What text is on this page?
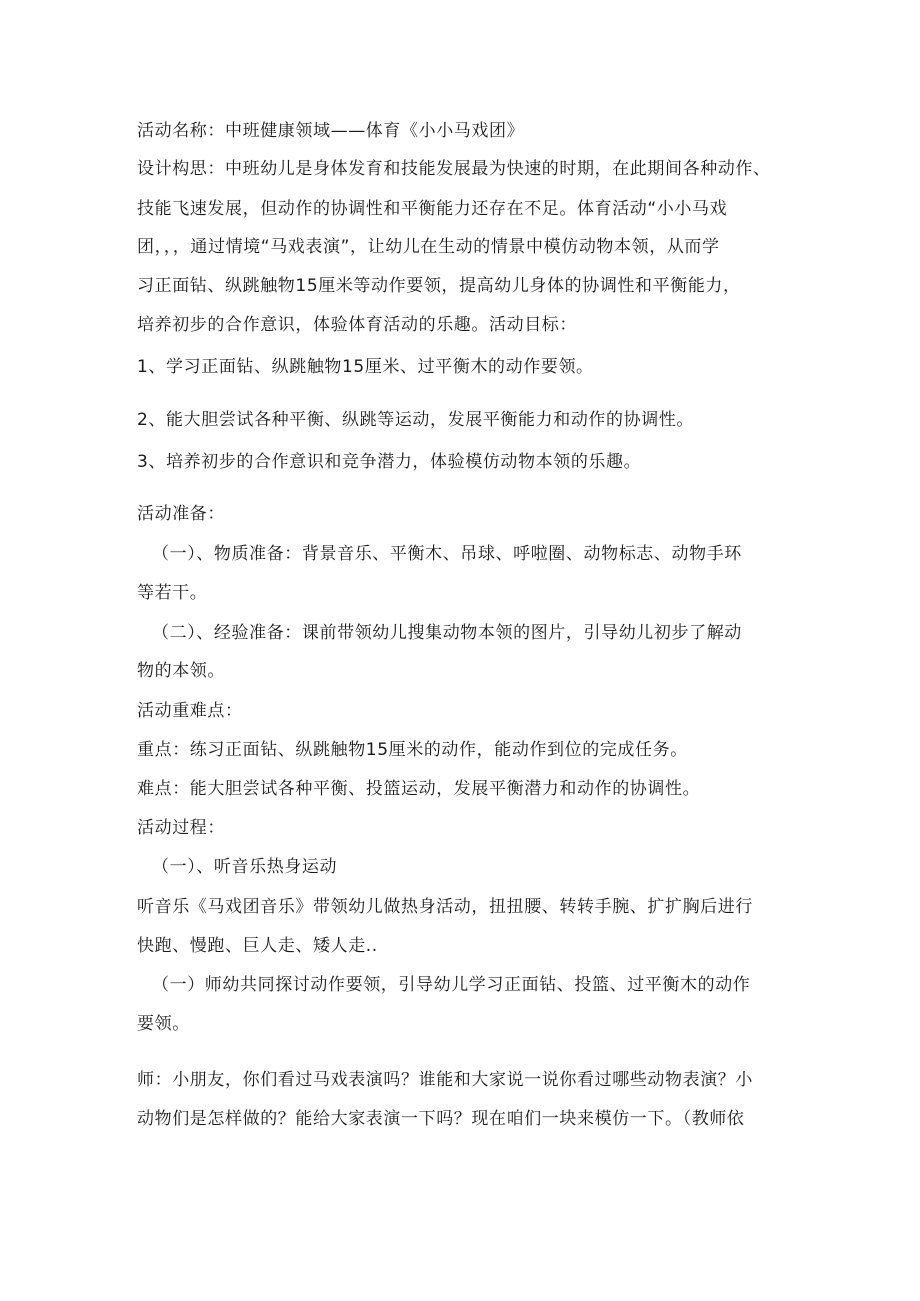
活动名称：中班健康领域——体育《小小马戏团》
设计构思：中班幼儿是身体发育和技能发展最为快速的时期，在此期间各种动作、
技能飞速发展，但动作的协调性和平衡能力还存在不足。体育活动“小小马戏
团，，，通过情境“马戏表演”，让幼儿在生动的情景中模仿动物本领，从而学
习正面钻、纵跳触物15厘米等动作要领，提高幼儿身体的协调性和平衡能力，
培养初步的合作意识，体验体育活动的乐趣。活动目标：
1、学习正面钻、纵跳触物15厘米、过平衡木的动作要领。
2、能大胆尝试各种平衡、纵跳等运动，发展平衡能力和动作的协调性。
3、培养初步的合作意识和竞争潜力，体验模仿动物本领的乐趣。
活动准备：
（一）、物质准备：背景音乐、平衡木、吊球、呼啦圈、动物标志、动物手环
等若干。
（二）、经验准备：课前带领幼儿搜集动物本领的图片，引导幼儿初步了解动
物的本领。
活动重难点：
重点：练习正面钻、纵跳触物15厘米的动作，能动作到位的完成任务。
难点：能大胆尝试各种平衡、投篮运动，发展平衡潜力和动作的协调性。
活动过程：
（一）、听音乐热身运动
听音乐《马戏团音乐》带领幼儿做热身活动，扭扭腰、转转手腕、扩扩胸后进行
快跑、慢跑、巨人走、矮人走..
（一）师幼共同探讨动作要领，引导幼儿学习正面钻、投篮、过平衡木的动作
要领。
师：小朋友，你们看过马戏表演吗？谁能和大家说一说你看过哪些动物表演？小
动物们是怎样做的？能给大家表演一下吗？现在咱们一块来模仿一下。（教师依
